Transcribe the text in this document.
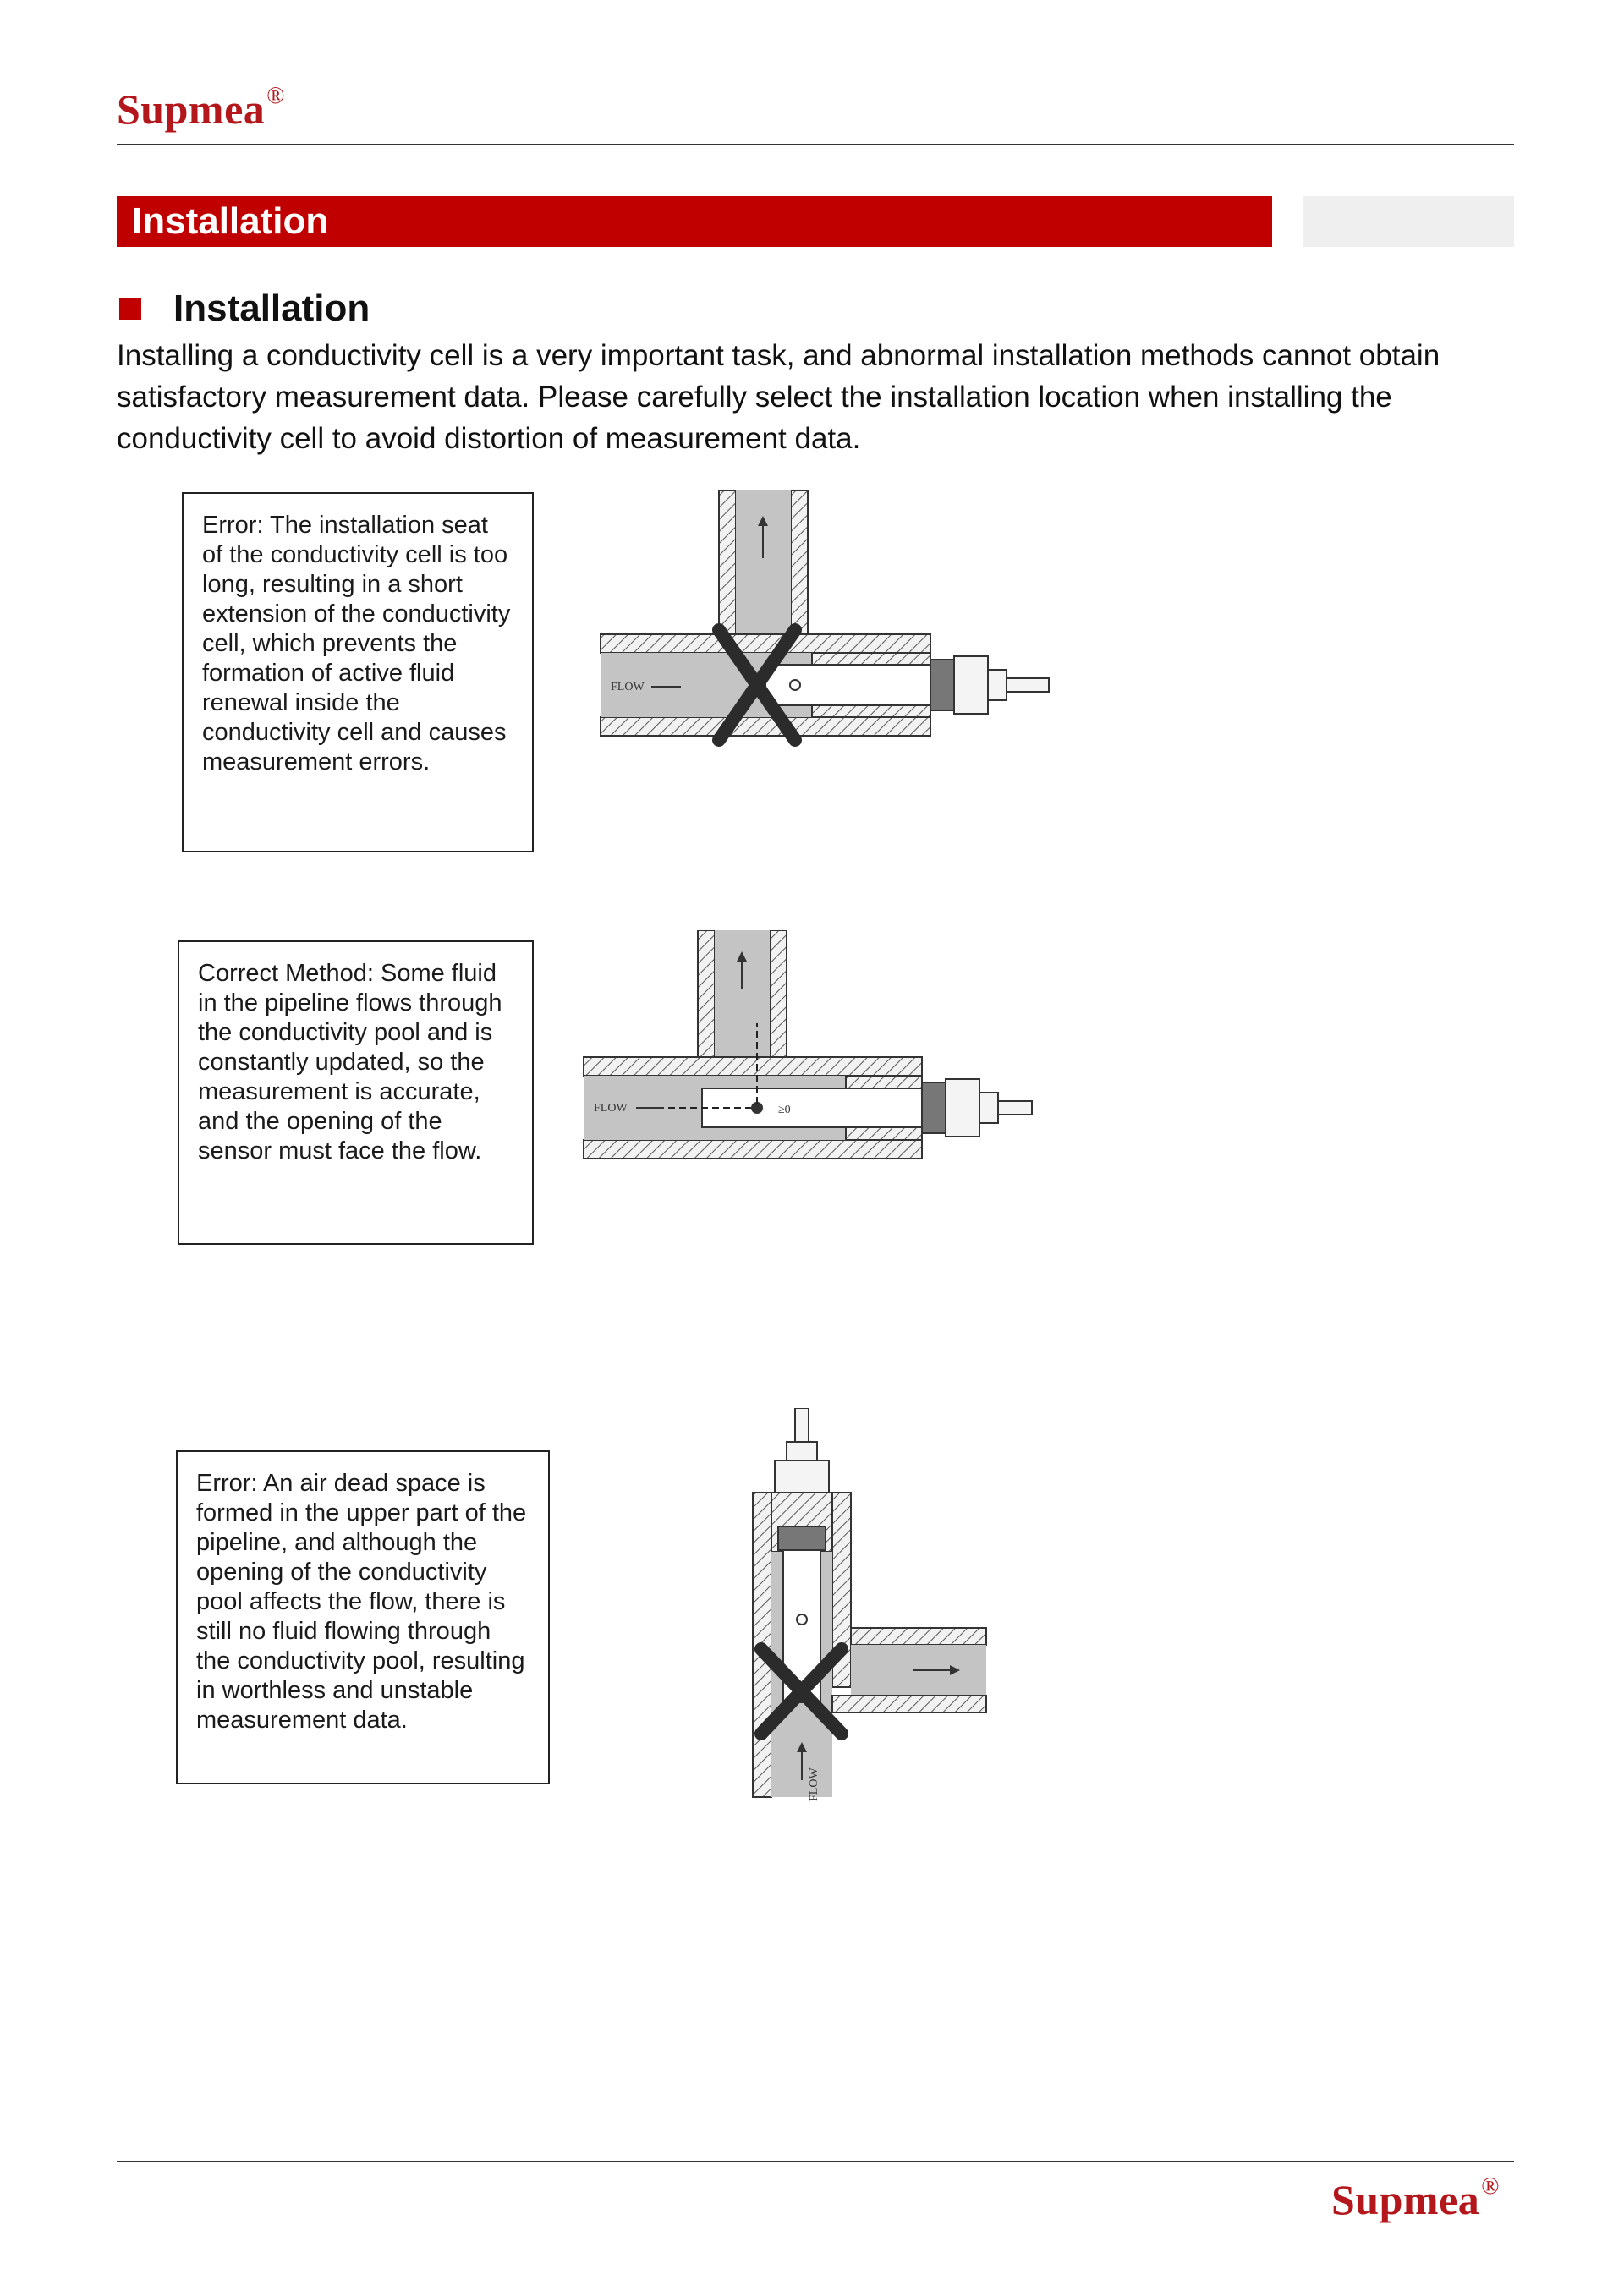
Supmea®
Installation
Installation
Installing a conductivity cell is a very important task, and abnormal installation methods cannot obtain satisfactory measurement data. Please carefully select the installation location when installing the conductivity cell to avoid distortion of measurement data.
Error: The installation seat of the conductivity cell is too long, resulting in a short extension of the conductivity cell, which prevents the formation of active fluid renewal inside the conductivity cell and causes measurement errors.
FLOW
Correct Method: Some fluid in the pipeline flows through the conductivity pool and is constantly updated, so the measurement is accurate, and the opening of the sensor must face the flow.
FLOW	≥0
Error: An air dead space is formed in the upper part of the pipeline, and although the opening of the conductivity pool affects the flow, there is still no fluid flowing through the conductivity pool, resulting in worthless and unstable measurement data.
FLOW
Supmea®
